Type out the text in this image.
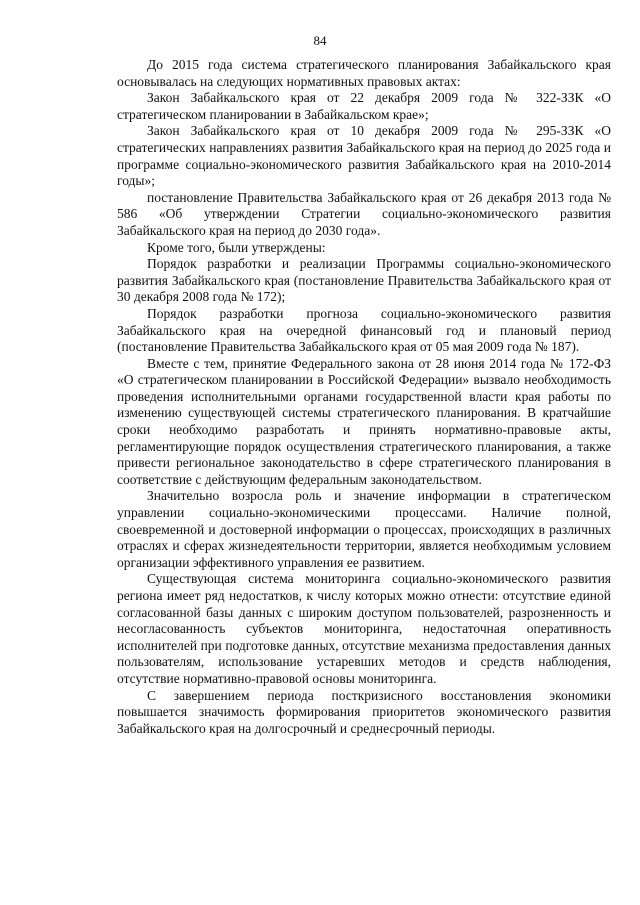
84

До 2015 года система стратегического планирования Забайкальского края основывалась на следующих нормативных правовых актах:

Закон Забайкальского края от 22 декабря 2009 года № 322-ЗЗК «О стратегическом планировании в Забайкальском крае»;

Закон Забайкальского края от 10 декабря 2009 года № 295-ЗЗК «О стратегических направлениях развития Забайкальского края на период до 2025 года и программе социально-экономического развития Забайкальского края на 2010-2014 годы»;

постановление Правительства Забайкальского края от 26 декабря 2013 года № 586 «Об утверждении Стратегии социально-экономического развития Забайкальского края на период до 2030 года».

Кроме того, были утверждены:

Порядок разработки и реализации Программы социально-экономического развития Забайкальского края (постановление Правительства Забайкальского края от 30 декабря 2008 года № 172);

Порядок разработки прогноза социально-экономического развития Забайкальского края на очередной финансовый год и плановый период (постановление Правительства Забайкальского края от 05 мая 2009 года № 187).

Вместе с тем, принятие Федерального закона от 28 июня 2014 года № 172-ФЗ «О стратегическом планировании в Российской Федерации» вызвало необходимость проведения исполнительными органами государственной власти края работы по изменению существующей системы стратегического планирования. В кратчайшие сроки необходимо разработать и принять нормативно-правовые акты, регламентирующие порядок осуществления стратегического планирования, а также привести региональное законодательство в сфере стратегического планирования в соответствие с действующим федеральным законодательством.

Значительно возросла роль и значение информации в стратегическом управлении социально-экономическими процессами. Наличие полной, своевременной и достоверной информации о процессах, происходящих в различных отраслях и сферах жизнедеятельности территории, является необходимым условием организации эффективного управления ее развитием.

Существующая система мониторинга социально-экономического развития региона имеет ряд недостатков, к числу которых можно отнести: отсутствие единой согласованной базы данных с широким доступом пользователей, разрозненность и несогласованность субъектов мониторинга, недостаточная оперативность исполнителей при подготовке данных, отсутствие механизма предоставления данных пользователям, использование устаревших методов и средств наблюдения, отсутствие нормативно-правовой основы мониторинга.

С завершением периода посткризисного восстановления экономики повышается значимость формирования приоритетов экономического развития Забайкальского края на долгосрочный и среднесрочный периоды.
